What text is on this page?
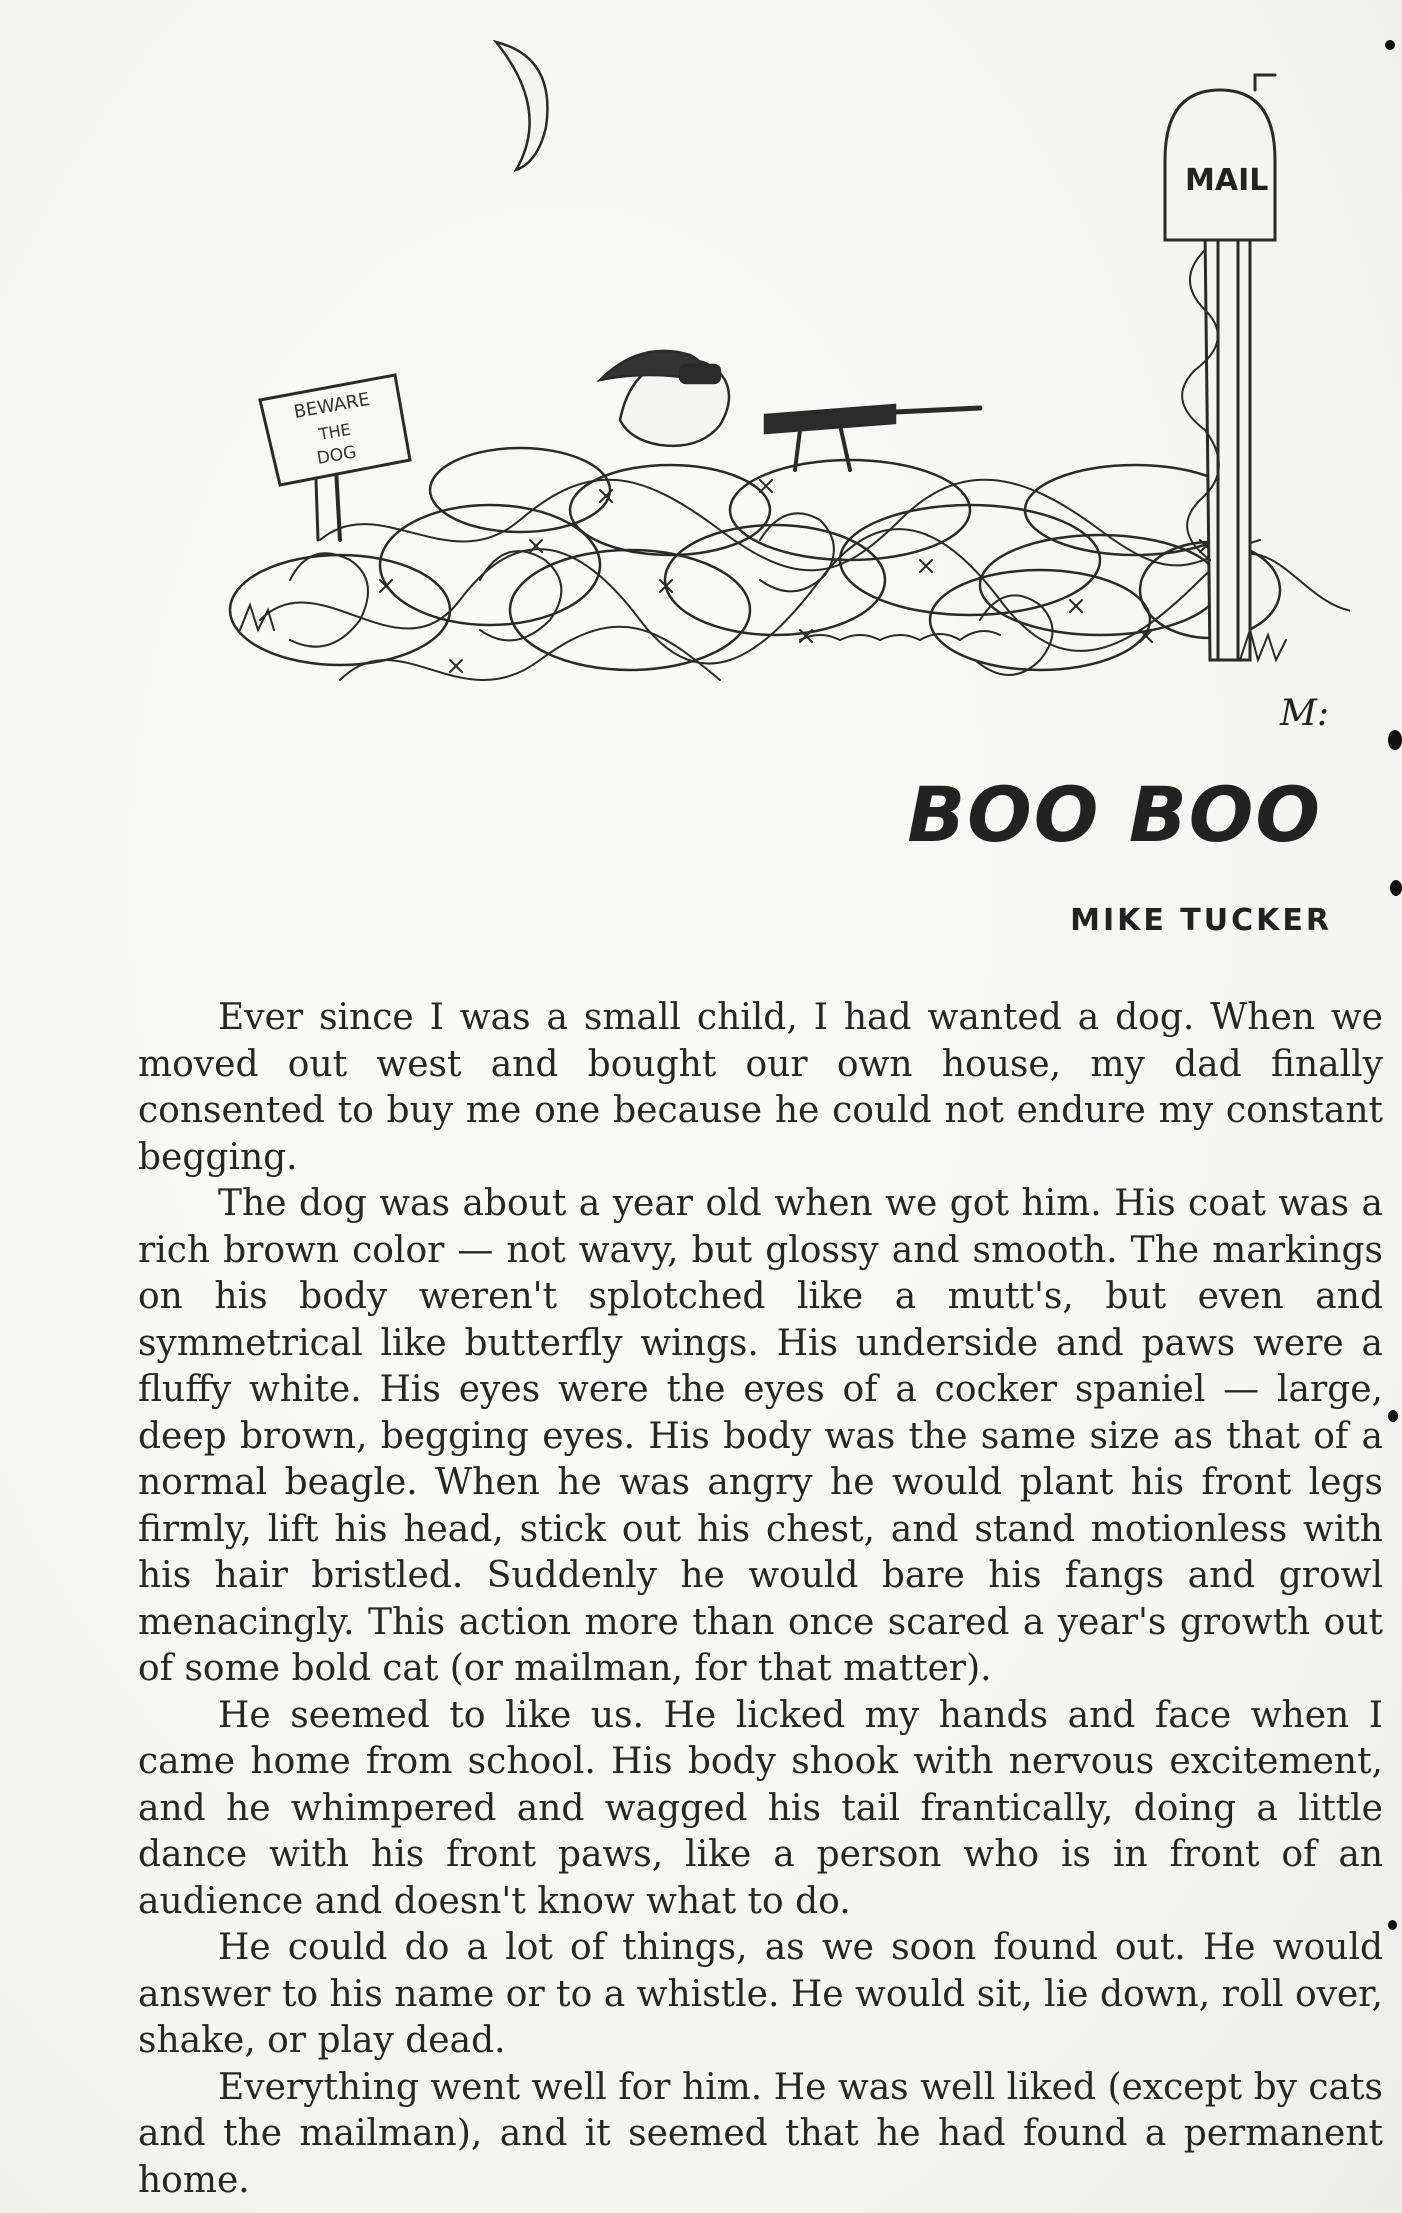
BEWARE
THE
DOG
MAIL
M:
BOO BOO
MIKE TUCKER

Ever since I was a small child, I had wanted a dog. When we moved out west and bought our own house, my dad finally consented to buy me one because he could not endure my constant begging.

The dog was about a year old when we got him. His coat was a rich brown color — not wavy, but glossy and smooth. The markings on his body weren't splotched like a mutt's, but even and symmetrical like butterfly wings. His underside and paws were a fluffy white. His eyes were the eyes of a cocker spaniel — large, deep brown, begging eyes. His body was the same size as that of a normal beagle. When he was angry he would plant his front legs firmly, lift his head, stick out his chest, and stand motionless with his hair bristled. Suddenly he would bare his fangs and growl menacingly. This action more than once scared a year's growth out of some bold cat (or mailman, for that matter).

He seemed to like us. He licked my hands and face when I came home from school. His body shook with nervous excitement, and he whimpered and wagged his tail frantically, doing a little dance with his front paws, like a person who is in front of an audience and doesn't know what to do.

He could do a lot of things, as we soon found out. He would answer to his name or to a whistle. He would sit, lie down, roll over, shake, or play dead.

Everything went well for him. He was well liked (except by cats and the mailman), and it seemed that he had found a permanent home.
